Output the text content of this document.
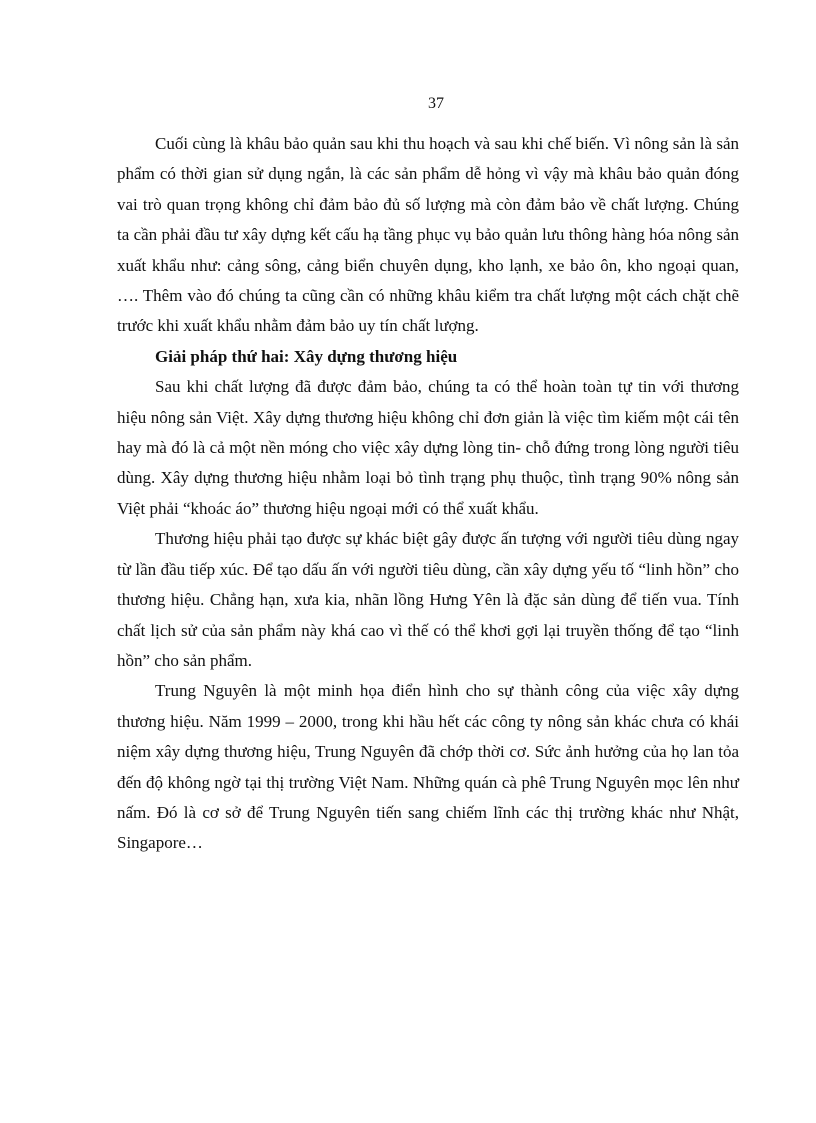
37

Cuối cùng là khâu bảo quản sau khi thu hoạch và sau khi chế biến. Vì nông sản là sản phẩm có thời gian sử dụng ngắn, là các sản phẩm dễ hỏng vì vậy mà khâu bảo quản đóng vai trò quan trọng không chỉ đảm bảo đủ số lượng mà còn đảm bảo về chất lượng. Chúng ta cần phải đầu tư xây dựng kết cấu hạ tầng phục vụ bảo quản lưu thông hàng hóa nông sản xuất khẩu như: cảng sông, cảng biển chuyên dụng, kho lạnh, xe bảo ôn, kho ngoại quan, …. Thêm vào đó chúng ta cũng cần có những khâu kiểm tra chất lượng một cách chặt chẽ trước khi xuất khẩu nhằm đảm bảo uy tín chất lượng.

Giải pháp thứ hai: Xây dựng thương hiệu

Sau khi chất lượng đã được đảm bảo, chúng ta có thể hoàn toàn tự tin với thương hiệu nông sản Việt. Xây dựng thương hiệu không chỉ đơn giản là việc tìm kiếm một cái tên hay mà đó là cả một nền móng cho việc xây dựng lòng tin- chỗ đứng trong lòng người tiêu dùng. Xây dựng thương hiệu nhằm loại bỏ tình trạng phụ thuộc, tình trạng 90% nông sản Việt phải “khoác áo” thương hiệu ngoại mới có thể xuất khẩu.

Thương hiệu phải tạo được sự khác biệt gây được ấn tượng với người tiêu dùng ngay từ lần đầu tiếp xúc. Để tạo dấu ấn với người tiêu dùng, cần xây dựng yếu tố “linh hồn” cho thương hiệu. Chẳng hạn, xưa kia, nhãn lồng Hưng Yên là đặc sản dùng để tiến vua. Tính chất lịch sử của sản phẩm này khá cao vì thế có thể khơi gợi lại truyền thống để tạo “linh hồn” cho sản phẩm.

Trung Nguyên là một minh họa điển hình cho sự thành công của việc xây dựng thương hiệu. Năm 1999 – 2000, trong khi hầu hết các công ty nông sản khác chưa có khái niệm xây dựng thương hiệu, Trung Nguyên đã chớp thời cơ. Sức ảnh hưởng của họ lan tỏa đến độ không ngờ tại thị trường Việt Nam. Những quán cà phê Trung Nguyên mọc lên như nấm. Đó là cơ sở để Trung Nguyên tiến sang chiếm lĩnh các thị trường khác như Nhật, Singapore…
